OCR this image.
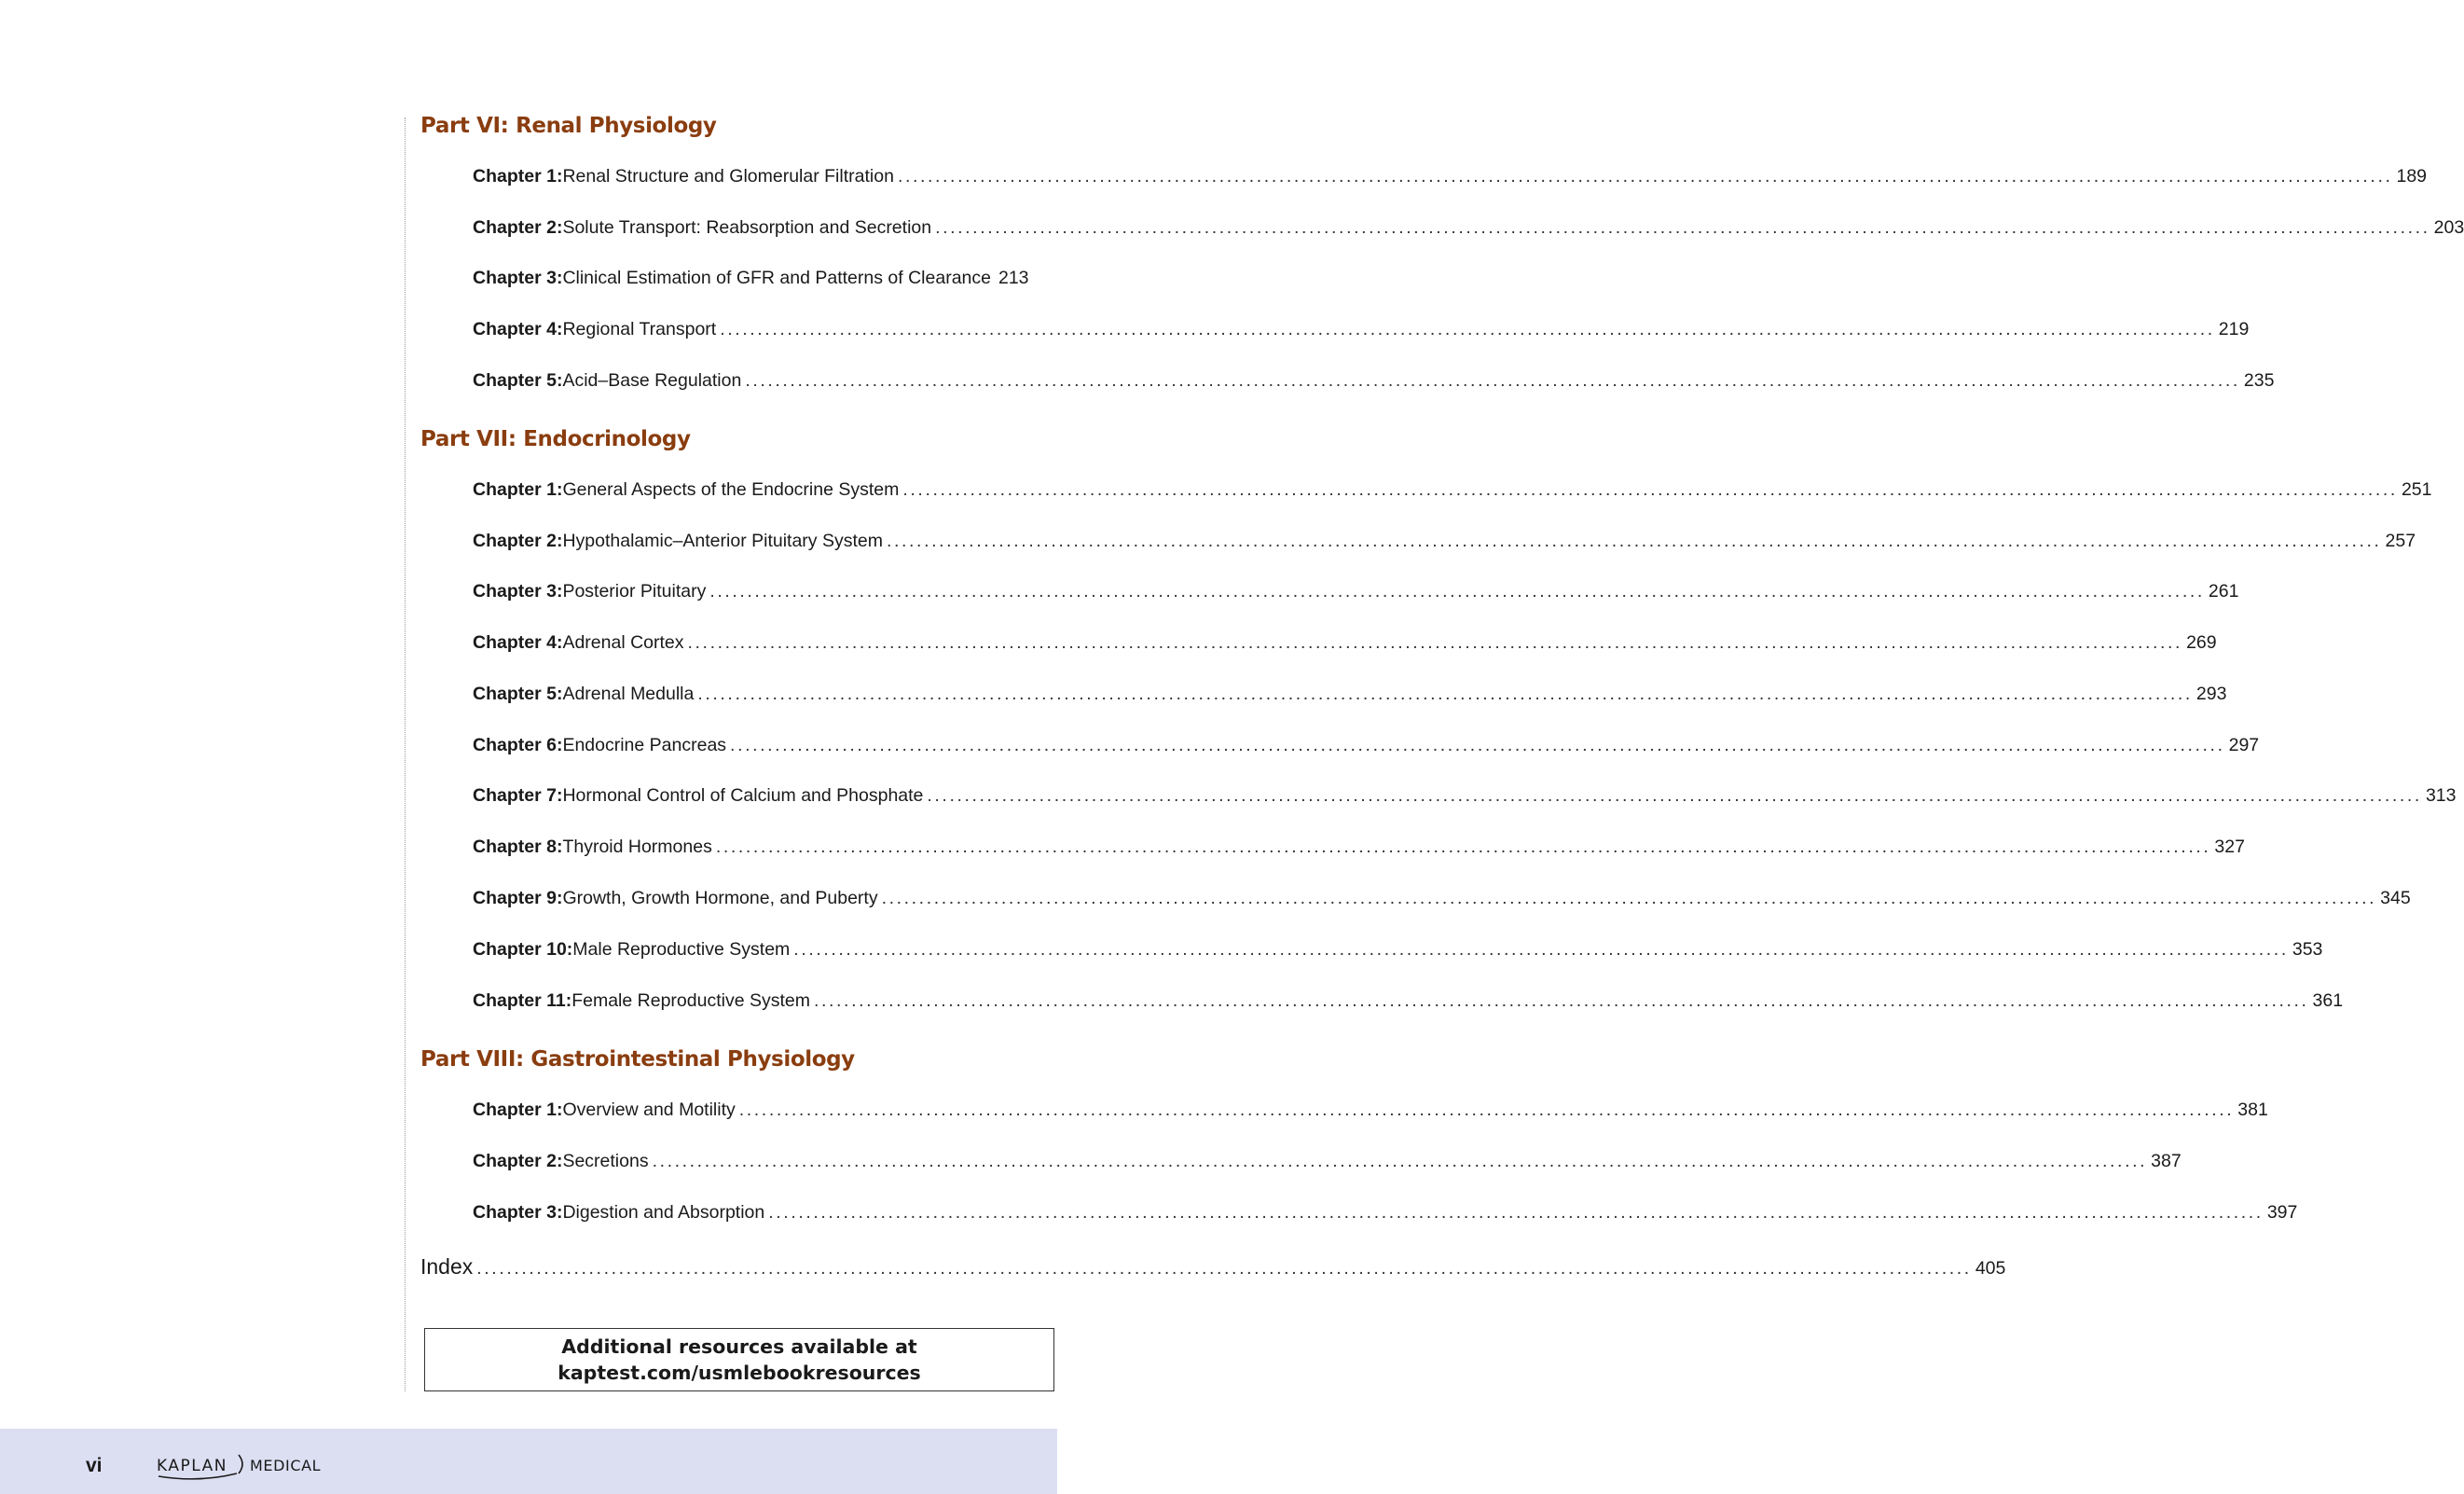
Part VI: Renal Physiology
Chapter 1: Renal Structure and Glomerular Filtration ........................................................................................................................................................................................................ 189
Chapter 2: Solute Transport: Reabsorption and Secretion ........................................................................................................................................................................................................ 203
Chapter 3: Clinical Estimation of GFR and Patterns of Clearance 213
Chapter 4: Regional Transport ........................................................................................................................................................................................................ 219
Chapter 5: Acid–Base Regulation ........................................................................................................................................................................................................ 235
Part VII: Endocrinology
Chapter 1: General Aspects of the Endocrine System ........................................................................................................................................................................................................ 251
Chapter 2: Hypothalamic–Anterior Pituitary System ........................................................................................................................................................................................................ 257
Chapter 3: Posterior Pituitary ........................................................................................................................................................................................................ 261
Chapter 4: Adrenal Cortex ........................................................................................................................................................................................................ 269
Chapter 5: Adrenal Medulla ........................................................................................................................................................................................................ 293
Chapter 6: Endocrine Pancreas ........................................................................................................................................................................................................ 297
Chapter 7: Hormonal Control of Calcium and Phosphate ........................................................................................................................................................................................................ 313
Chapter 8: Thyroid Hormones ........................................................................................................................................................................................................ 327
Chapter 9: Growth, Growth Hormone, and Puberty ........................................................................................................................................................................................................ 345
Chapter 10: Male Reproductive System ........................................................................................................................................................................................................ 353
Chapter 11: Female Reproductive System ........................................................................................................................................................................................................ 361
Part VIII: Gastrointestinal Physiology
Chapter 1: Overview and Motility ........................................................................................................................................................................................................ 381
Chapter 2: Secretions ........................................................................................................................................................................................................ 387
Chapter 3: Digestion and Absorption ........................................................................................................................................................................................................ 397
Index ........................................................................................................................................................................................................ 405
Additional resources available at
kaptest.com/usmlebookresources
vi	KAPLAN MEDICAL
